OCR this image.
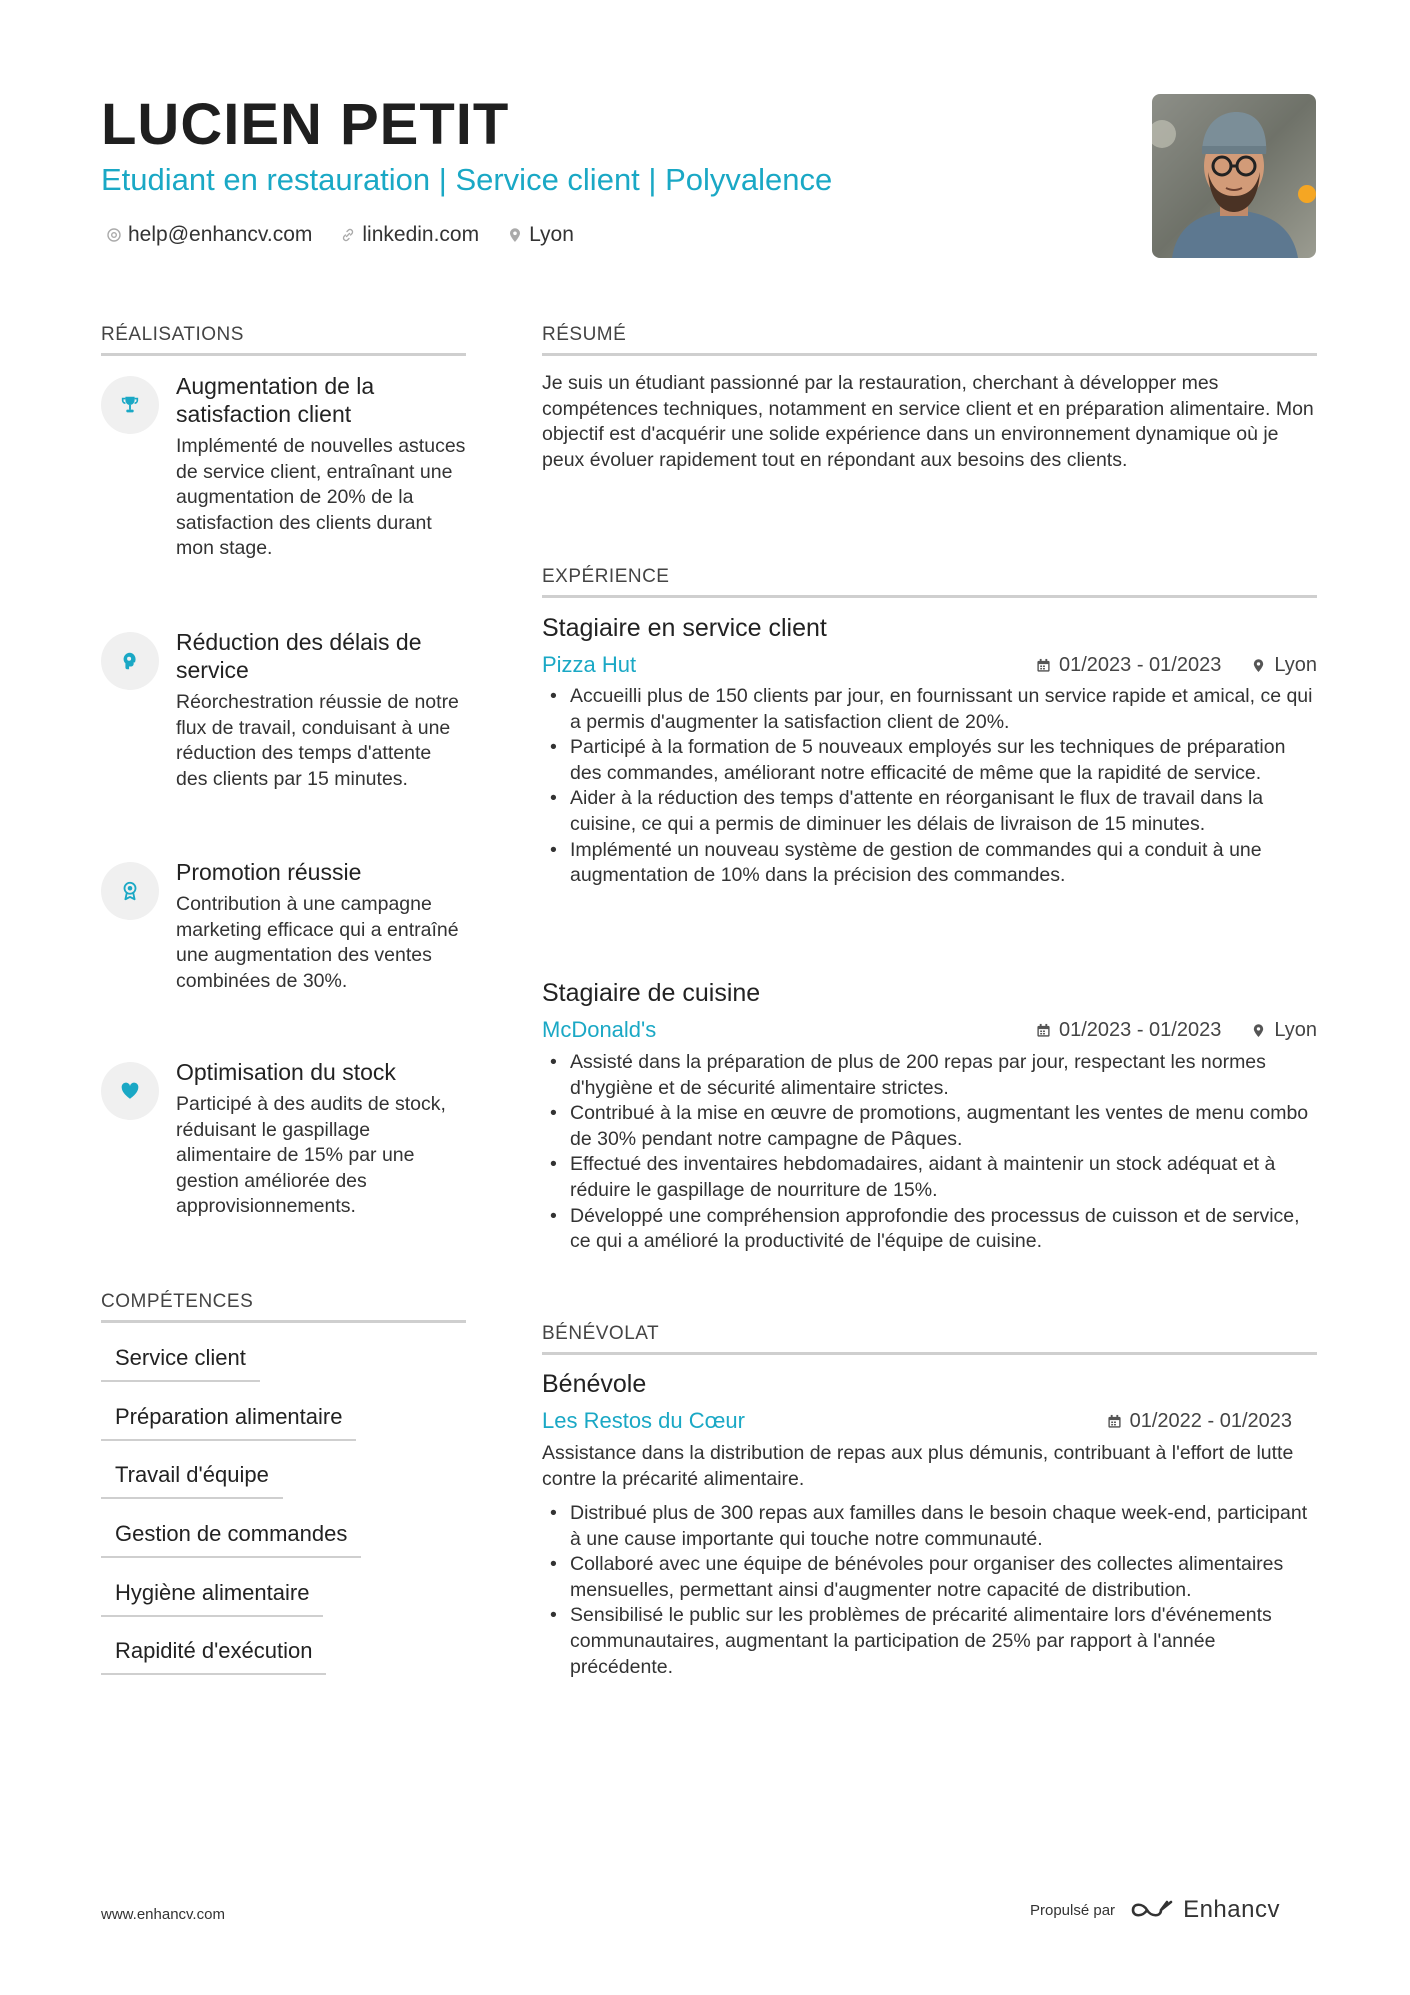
LUCIEN PETIT
Etudiant en restauration | Service client | Polyvalence
help@enhancv.com linkedin.com Lyon
RÉALISATIONS
Augmentation de la satisfaction client
Implémenté de nouvelles astuces de service client, entraînant une augmentation de 20% de la satisfaction des clients durant mon stage.
Réduction des délais de service
Réorchestration réussie de notre flux de travail, conduisant à une réduction des temps d'attente des clients par 15 minutes.
Promotion réussie
Contribution à une campagne marketing efficace qui a entraîné une augmentation des ventes combinées de 30%.
Optimisation du stock
Participé à des audits de stock, réduisant le gaspillage alimentaire de 15% par une gestion améliorée des approvisionnements.
COMPÉTENCES
Service client
Préparation alimentaire
Travail d'équipe
Gestion de commandes
Hygiène alimentaire
Rapidité d'exécution
RÉSUMÉ
Je suis un étudiant passionné par la restauration, cherchant à développer mes compétences techniques, notamment en service client et en préparation alimentaire. Mon objectif est d'acquérir une solide expérience dans un environnement dynamique où je peux évoluer rapidement tout en répondant aux besoins des clients.
EXPÉRIENCE
Stagiaire en service client
Pizza Hut	01/2023 - 01/2023	Lyon
• Accueilli plus de 150 clients par jour, en fournissant un service rapide et amical, ce qui a permis d'augmenter la satisfaction client de 20%.
• Participé à la formation de 5 nouveaux employés sur les techniques de préparation des commandes, améliorant notre efficacité de même que la rapidité de service.
• Aider à la réduction des temps d'attente en réorganisant le flux de travail dans la cuisine, ce qui a permis de diminuer les délais de livraison de 15 minutes.
• Implémenté un nouveau système de gestion de commandes qui a conduit à une augmentation de 10% dans la précision des commandes.
Stagiaire de cuisine
McDonald's	01/2023 - 01/2023	Lyon
• Assisté dans la préparation de plus de 200 repas par jour, respectant les normes d'hygiène et de sécurité alimentaire strictes.
• Contribué à la mise en œuvre de promotions, augmentant les ventes de menu combo de 30% pendant notre campagne de Pâques.
• Effectué des inventaires hebdomadaires, aidant à maintenir un stock adéquat et à réduire le gaspillage de nourriture de 15%.
• Développé une compréhension approfondie des processus de cuisson et de service, ce qui a amélioré la productivité de l'équipe de cuisine.
BÉNÉVOLAT
Bénévole
Les Restos du Cœur	01/2022 - 01/2023
Assistance dans la distribution de repas aux plus démunis, contribuant à l'effort de lutte contre la précarité alimentaire.
• Distribué plus de 300 repas aux familles dans le besoin chaque week-end, participant à une cause importante qui touche notre communauté.
• Collaboré avec une équipe de bénévoles pour organiser des collectes alimentaires mensuelles, permettant ainsi d'augmenter notre capacité de distribution.
• Sensibilisé le public sur les problèmes de précarité alimentaire lors d'événements communautaires, augmentant la participation de 25% par rapport à l'année précédente.
www.enhancv.com	Propulsé par	Enhancv
